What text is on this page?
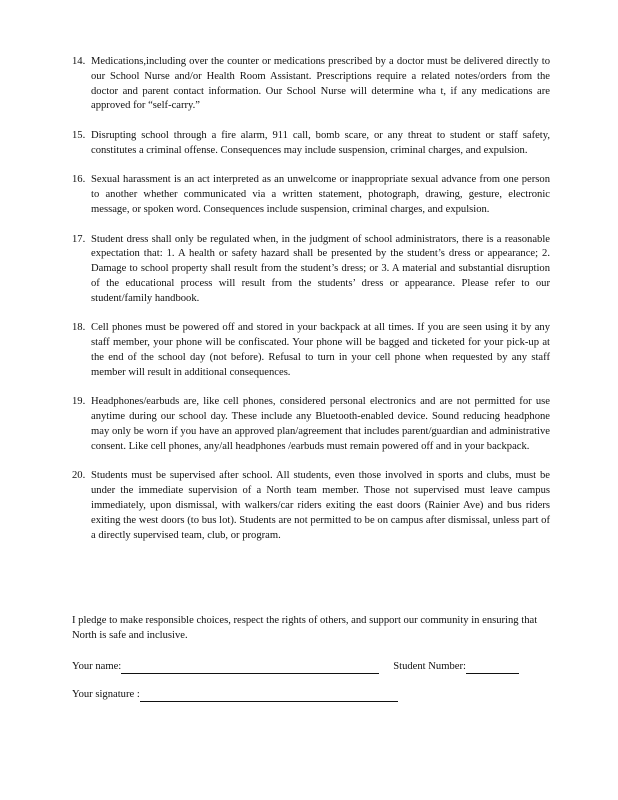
14. Medications,including over the counter or medications prescribed by a doctor must be delivered directly to our School Nurse and/or Health Room Assistant. Prescriptions require a related notes/orders from the doctor and parent contact information. Our School Nurse will determine wha t, if any medications are approved for “self-carry.”
15. Disrupting school through a fire alarm, 911 call, bomb scare, or any threat to student or staff safety, constitutes a criminal offense. Consequences may include suspension, criminal charges, and expulsion.
16. Sexual harassment is an act interpreted as an unwelcome or inappropriate sexual advance from one person to another whether communicated via a written statement, photograph, drawing, gesture, electronic message, or spoken word. Consequences include suspension, criminal charges, and expulsion.
17. Student dress shall only be regulated when, in the judgment of school administrators, there is a reasonable expectation that: 1. A health or safety hazard shall be presented by the student’s dress or appearance; 2. Damage to school property shall result from the student’s dress; or 3. A material and substantial disruption of the educational process will result from the students’ dress or appearance. Please refer to our student/family handbook.
18. Cell phones must be powered off and stored in your backpack at all times. If you are seen using it by any staff member, your phone will be confiscated. Your phone will be bagged and ticketed for your pick-up at the end of the school day (not before). Refusal to turn in your cell phone when requested by any staff member will result in additional consequences.
19. Headphones/earbuds are, like cell phones, considered personal electronics and are not permitted for use anytime during our school day. These include any Bluetooth-enabled device. Sound reducing headphone may only be worn if you have an approved plan/agreement that includes parent/guardian and administrative consent. Like cell phones, any/all headphones /earbuds must remain powered off and in your backpack.
20. Students must be supervised after school. All students, even those involved in sports and clubs, must be under the immediate supervision of a North team member. Those not supervised must leave campus immediately, upon dismissal, with walkers/car riders exiting the east doors (Rainier Ave) and bus riders exiting the west doors (to bus lot). Students are not permitted to be on campus after dismissal, unless part of a directly supervised team, club, or program.

I pledge to make responsible choices, respect the rights of others, and support our community in ensuring that North is safe and inclusive.

Your name:	Student Number:
Your signature :
